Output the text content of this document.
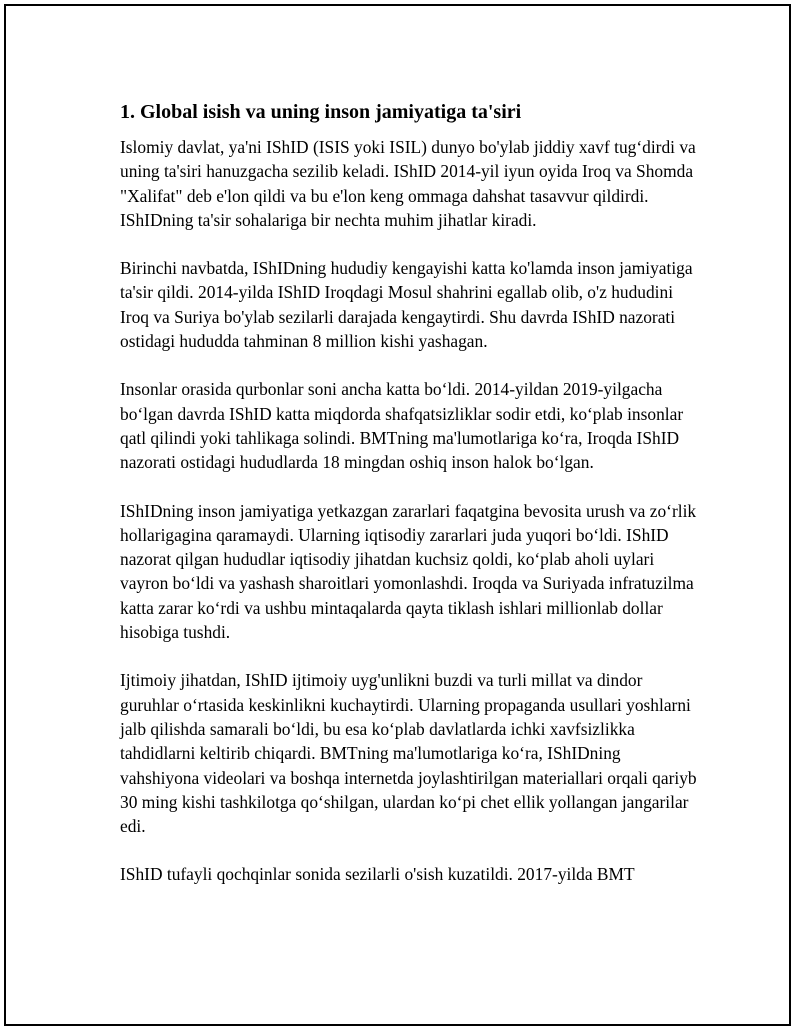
1. Global isish va uning inson jamiyatiga ta'siri

Islomiy davlat, ya'ni IShID (ISIS yoki ISIL) dunyo bo'ylab jiddiy xavf tug‘dirdi va uning ta'siri hanuzgacha sezilib keladi. IShID 2014-yil iyun oyida Iroq va Shomda "Xalifat" deb e'lon qildi va bu e'lon keng ommaga dahshat tasavvur qildirdi. IShIDning ta'sir sohalariga bir nechta muhim jihatlar kiradi.

Birinchi navbatda, IShIDning hududiy kengayishi katta ko'lamda inson jamiyatiga ta'sir qildi. 2014-yilda IShID Iroqdagi Mosul shahrini egallab olib, o'z hududini Iroq va Suriya bo'ylab sezilarli darajada kengaytirdi. Shu davrda IShID nazorati ostidagi hududda tahminan 8 million kishi yashagan.

Insonlar orasida qurbonlar soni ancha katta bo‘ldi. 2014-yildan 2019-yilgacha bo‘lgan davrda IShID katta miqdorda shafqatsizliklar sodir etdi, ko‘plab insonlar qatl qilindi yoki tahlikaga solindi. BMTning ma'lumotlariga ko‘ra, Iroqda IShID nazorati ostidagi hududlarda 18 mingdan oshiq inson halok bo‘lgan.

IShIDning inson jamiyatiga yetkazgan zararlari faqatgina bevosita urush va zo‘rlik hollarigagina qaramaydi. Ularning iqtisodiy zararlari juda yuqori bo‘ldi. IShID nazorat qilgan hududlar iqtisodiy jihatdan kuchsiz qoldi, ko‘plab aholi uylari vayron bo‘ldi va yashash sharoitlari yomonlashdi. Iroqda va Suriyada infratuzilma katta zarar ko‘rdi va ushbu mintaqalarda qayta tiklash ishlari millionlab dollar hisobiga tushdi.

Ijtimoiy jihatdan, IShID ijtimoiy uyg'unlikni buzdi va turli millat va dindor guruhlar o‘rtasida keskinlikni kuchaytirdi. Ularning propaganda usullari yoshlarni jalb qilishda samarali bo‘ldi, bu esa ko‘plab davlatlarda ichki xavfsizlikka tahdidlarni keltirib chiqardi. BMTning ma'lumotlariga ko‘ra, IShIDning vahshiyona videolari va boshqa internetda joylashtirilgan materiallari orqali qariyb 30 ming kishi tashkilotga qo‘shilgan, ulardan ko‘pi chet ellik yollangan jangarilar edi.

IShID tufayli qochqinlar sonida sezilarli o'sish kuzatildi. 2017-yilda BMT
